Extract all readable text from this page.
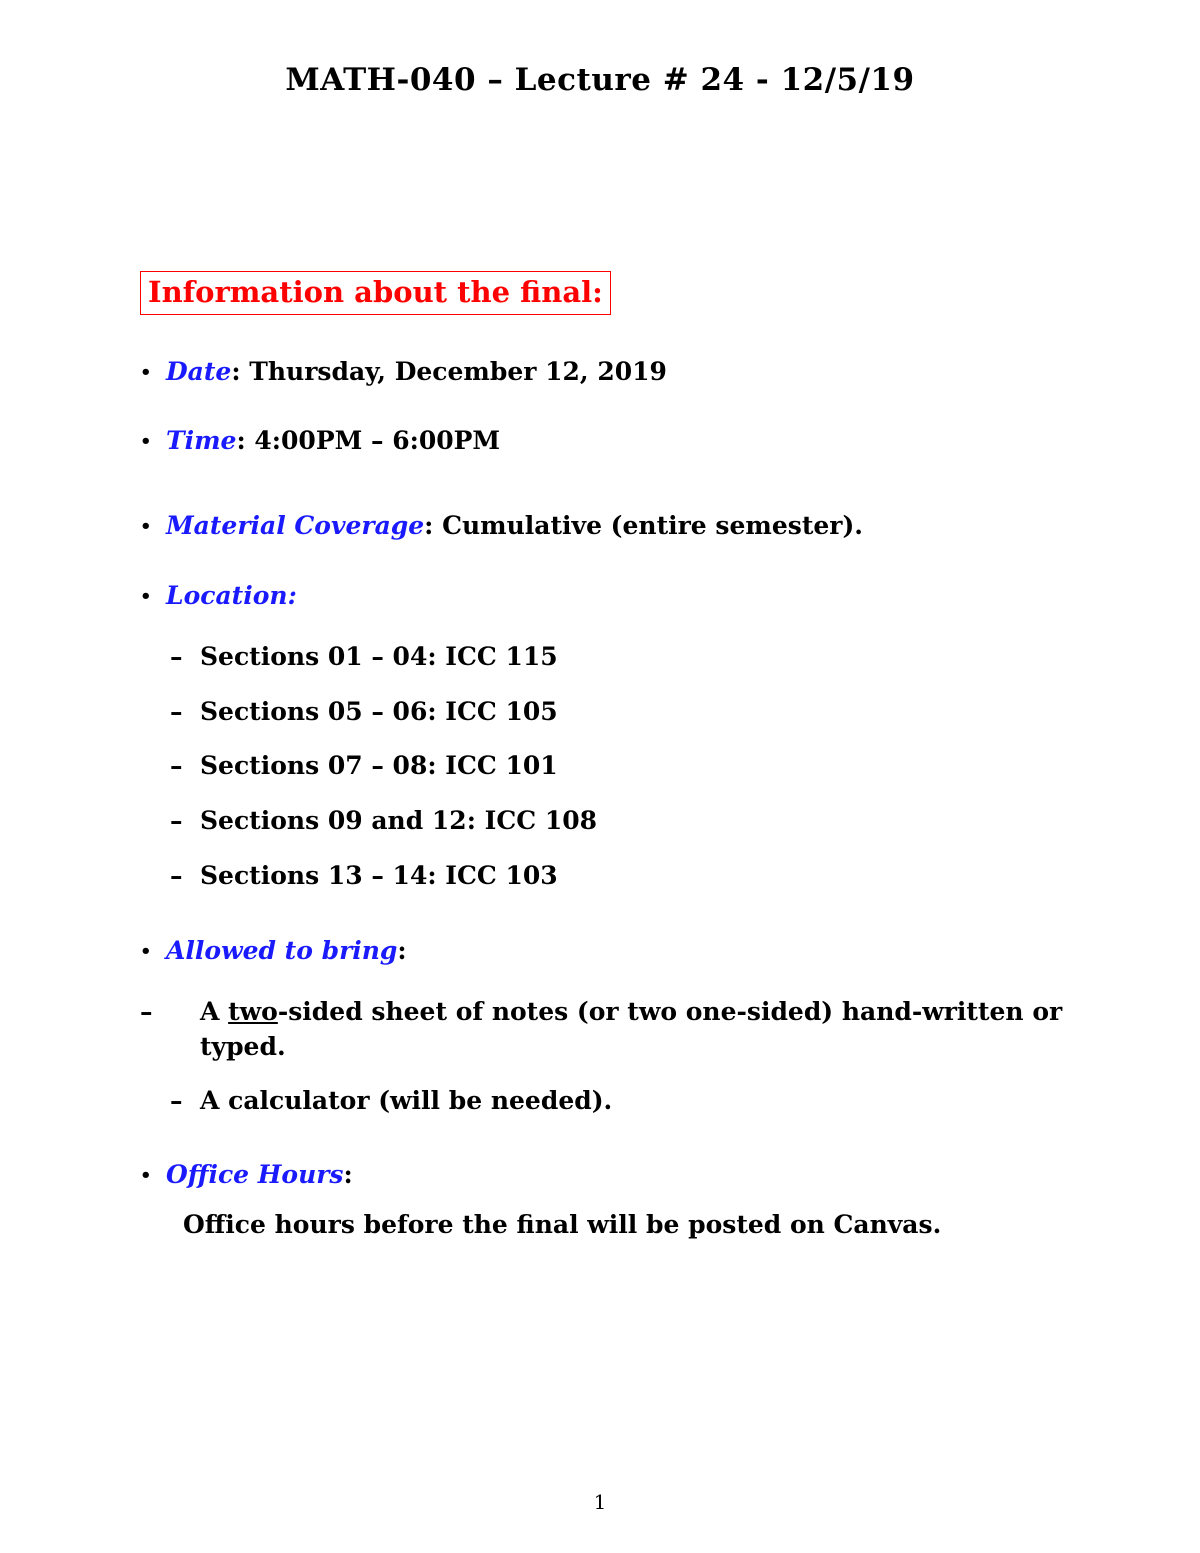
MATH-040 – Lecture # 24 - 12/5/19
Information about the final:
• Date: Thursday, December 12, 2019
• Time: 4:00PM – 6:00PM
• Material Coverage: Cumulative (entire semester).
• Location:
– Sections 01 – 04: ICC 115
– Sections 05 – 06: ICC 105
– Sections 07 – 08: ICC 101
– Sections 09 and 12: ICC 108
– Sections 13 – 14: ICC 103
• Allowed to bring:
– A two-sided sheet of notes (or two one-sided) hand-written or typed.
– A calculator (will be needed).
• Office Hours:
Office hours before the final will be posted on Canvas.
1
